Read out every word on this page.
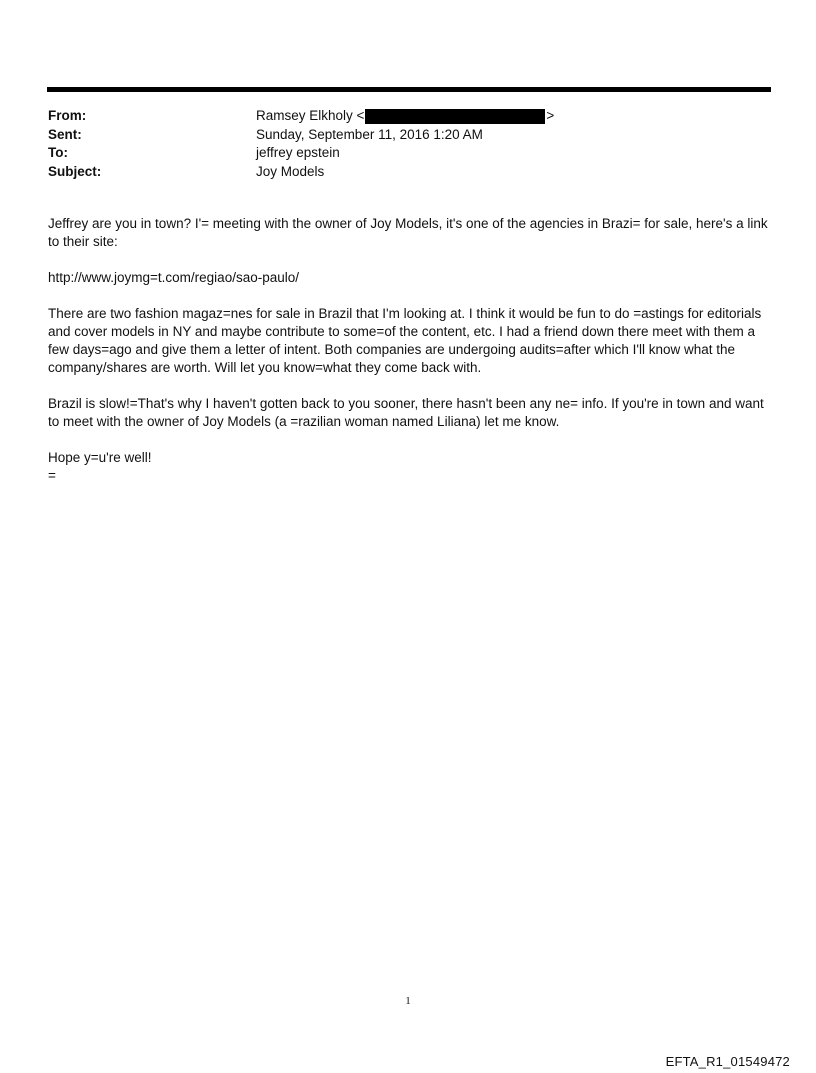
From:	Ramsey Elkholy <	>
Sent:	Sunday, September 11, 2016 1:20 AM
To:	jeffrey epstein
Subject:	Joy Models

Jeffrey are you in town? I'= meeting with the owner of Joy Models, it's one of the agencies in Brazi= for sale, here's a link to their site:

http://www.joymg=t.com/regiao/sao-paulo/

There are two fashion magaz=nes for sale in Brazil that I'm looking at. I think it would be fun to do =astings for editorials and cover models in NY and maybe contribute to some=of the content, etc. I had a friend down there meet with them a few days=ago and give them a letter of intent. Both companies are undergoing audits=after which I'll know what the company/shares are worth. Will let you know=what they come back with.

Brazil is slow!=That's why I haven't gotten back to you sooner, there hasn't been any ne= info. If you're in town and want to meet with the owner of Joy Models (a =razilian woman named Liliana) let me know.

Hope y=u're well!

=

1
EFTA_R1_01549472
